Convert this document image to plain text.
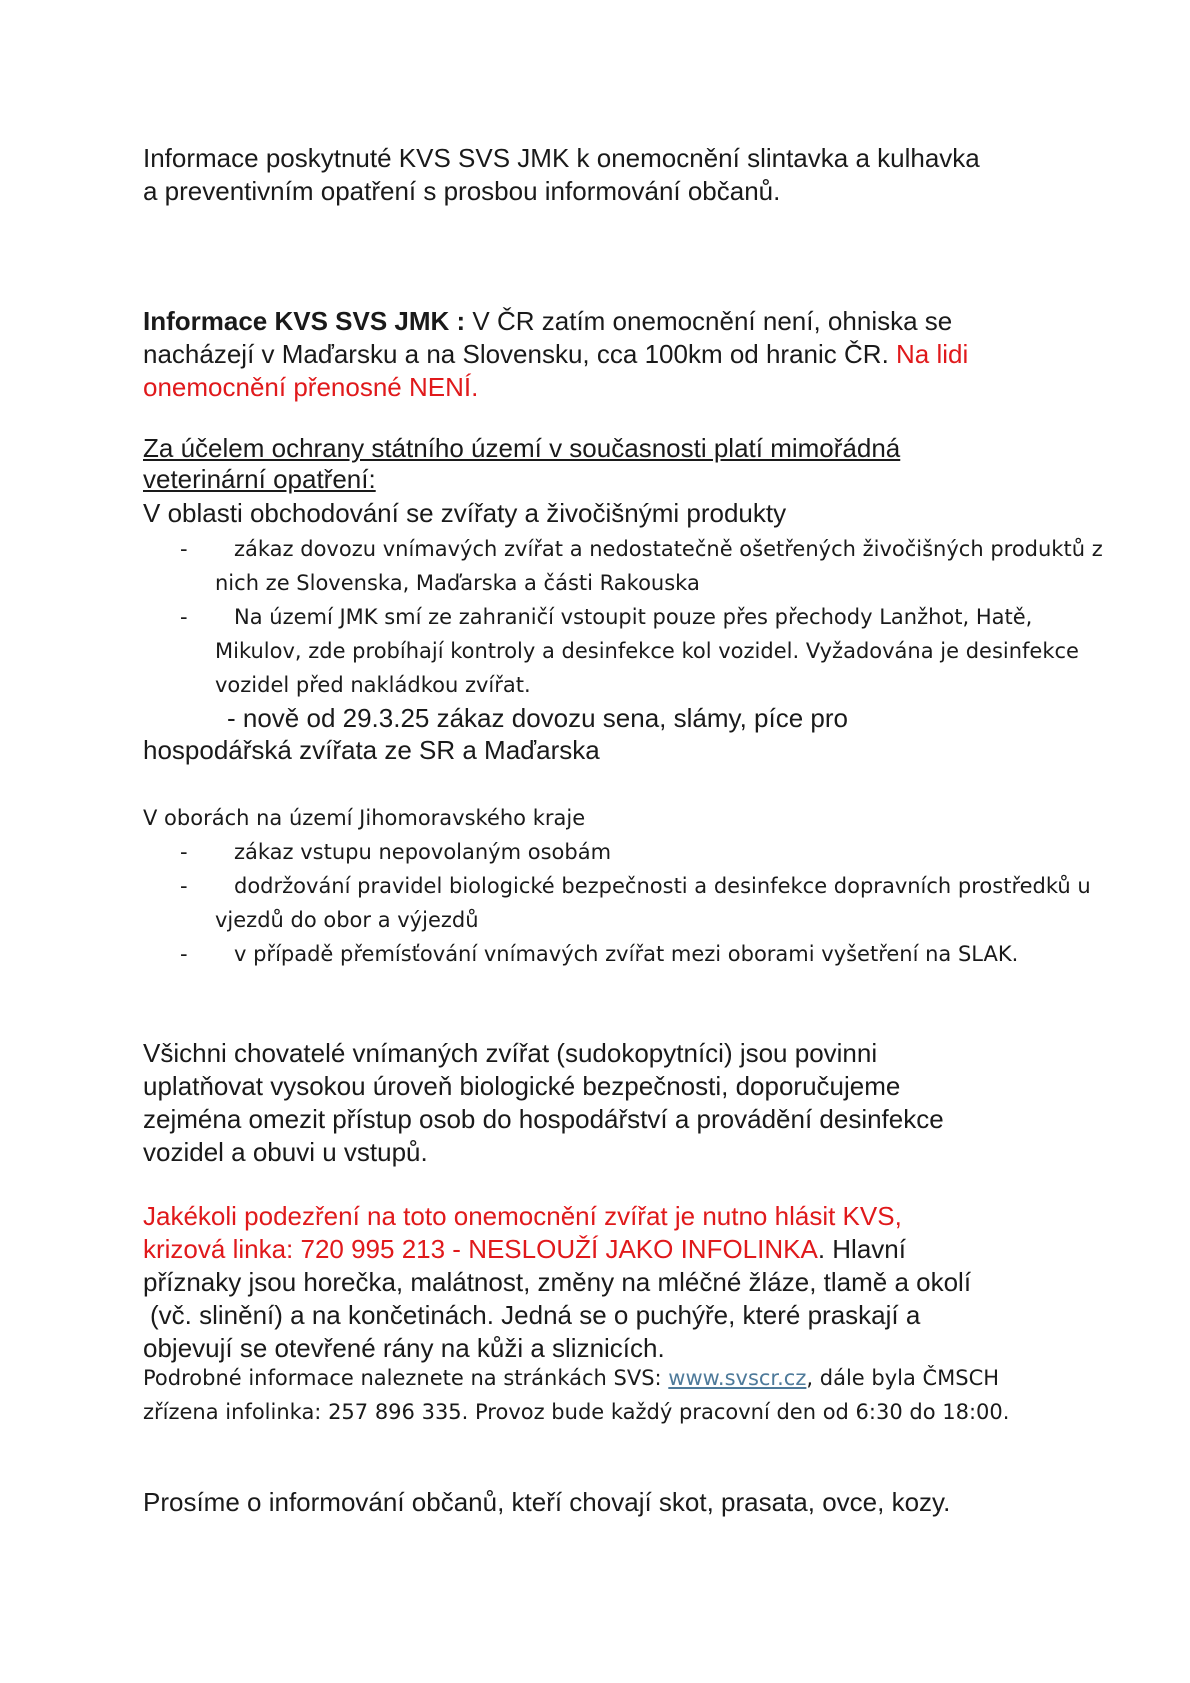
Informace poskytnuté KVS SVS JMK k onemocnění slintavka a kulhavka
a preventivním opatření s prosbou informování občanů.

Informace KVS SVS JMK : V ČR zatím onemocnění není, ohniska se
nacházejí v Maďarsku a na Slovensku, cca 100km od hranic ČR. Na lidi
onemocnění přenosné NENÍ.

Za účelem ochrany státního území v současnosti platí mimořádná
veterinární opatření:

V oblasti obchodování se zvířaty a živočišnými produkty

-	zákaz dovozu vnímavých zvířat a nedostatečně ošetřených živočišných produktů z nich ze Slovenska, Maďarska a části Rakouska
-	Na území JMK smí ze zahraničí vstoupit pouze přes přechody Lanžhot, Hatě, Mikulov, zde probíhají kontroly a desinfekce kol vozidel. Vyžadována je desinfekce vozidel před nakládkou zvířat.

- nově od 29.3.25 zákaz dovozu sena, slámy, píce pro
hospodářská zvířata ze SR a Maďarska

V oborách na území Jihomoravského kraje

-	zákaz vstupu nepovolaným osobám
-	dodržování pravidel biologické bezpečnosti a desinfekce dopravních prostředků u vjezdů do obor a výjezdů
-	v případě přemísťování vnímavých zvířat mezi oborami vyšetření na SLAK.

Všichni chovatelé vnímaných zvířat (sudokopytníci) jsou povinni
uplatňovat vysokou úroveň biologické bezpečnosti, doporučujeme
zejména omezit přístup osob do hospodářství a provádění desinfekce
vozidel a obuvi u vstupů.

Jakékoli podezření na toto onemocnění zvířat je nutno hlásit KVS,
krizová linka: 720 995 213 - NESLOUŽÍ JAKO INFOLINKA. Hlavní
příznaky jsou horečka, malátnost, změny na mléčné žláze, tlamě a okolí
(vč. slinění) a na končetinách. Jedná se o puchýře, které praskají a
objevují se otevřené rány na kůži a sliznicích.

Podrobné informace naleznete na stránkách SVS: www.svscr.cz, dále byla ČMSCH zřízena infolinka: 257 896 335. Provoz bude každý pracovní den od 6:30 do 18:00.

Prosíme o informování občanů, kteří chovají skot, prasata, ovce, kozy.
